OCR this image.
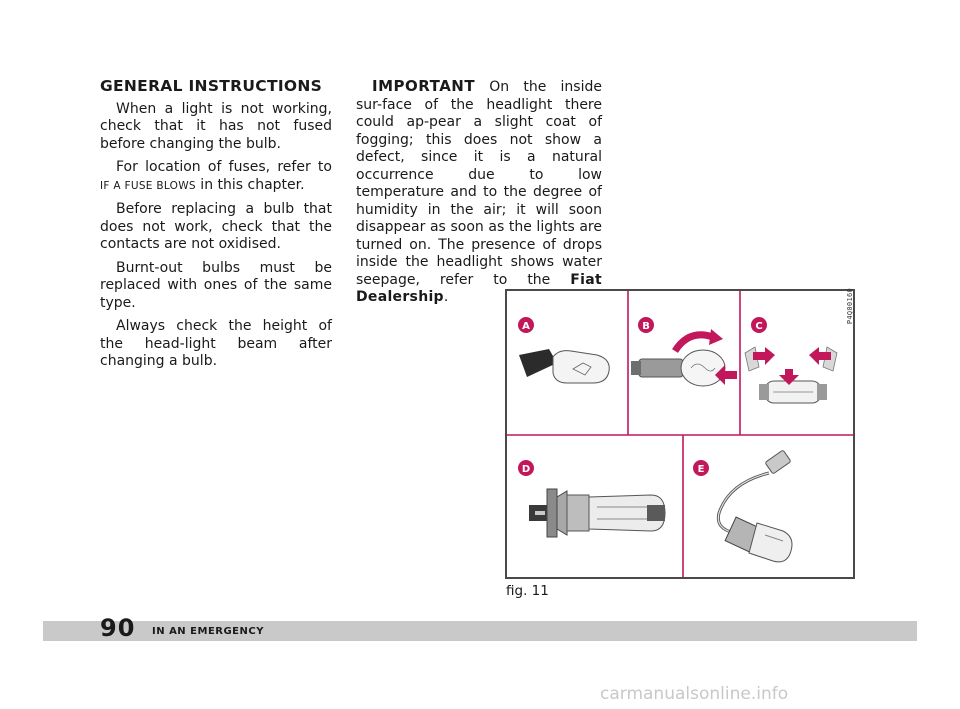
GENERAL INSTRUCTIONS

When a light is not working, check that it has not fused before changing the bulb.

For location of fuses, refer to IF A FUSE BLOWS in this chapter.

Before replacing a bulb that does not work, check that the contacts are not oxidised.

Burnt-out bulbs must be replaced with ones of the same type.

Always check the height of the head-light beam after changing a bulb.

IMPORTANT On the inside sur-face of the headlight there could ap-pear a slight coat of fogging; this does not show a defect, since it is a natural occurrence due to low temperature and to the degree of humidity in the air; it will soon disappear as soon as the lights are turned on. The presence of drops inside the headlight shows water seepage, refer to the Fiat Dealership.

A	B	C
D	E
P4Q00160
fig. 11
90 IN AN EMERGENCY
carmanualsonline.info
